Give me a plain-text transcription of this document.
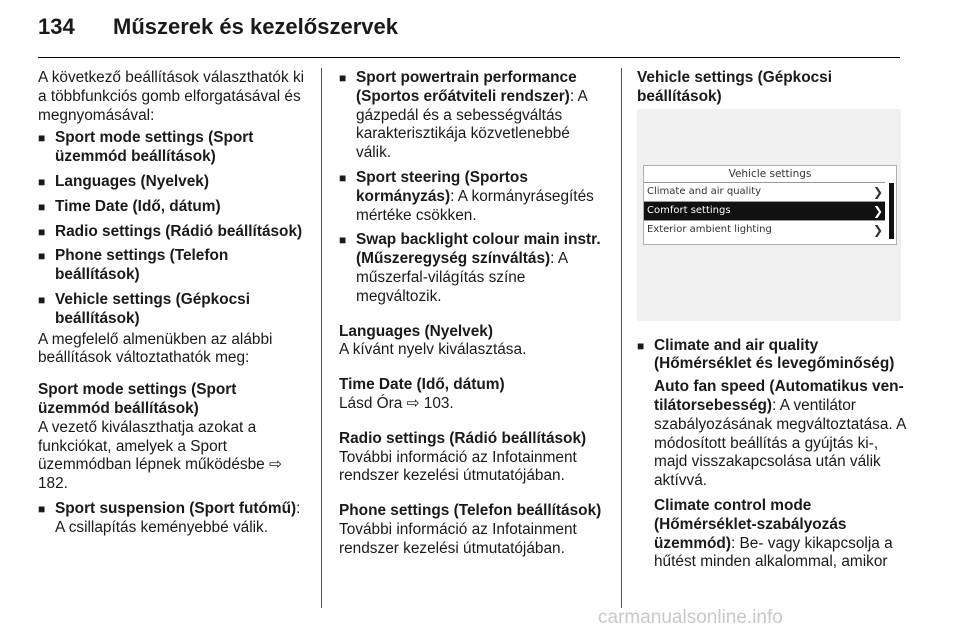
134 Műszerek és kezelőszervek

A következő beállítások választhatók ki a többfunkciós gomb elforgatásával és megnyomásával:

■ Sport mode settings (Sport üzemmód beállítások)
■ Languages (Nyelvek)
■ Time Date (Idő, dátum)
■ Radio settings (Rádió beállítások)
■ Phone settings (Telefon beállítások)
■ Vehicle settings (Gépkocsi beállítások)

A megfelelő almenükben az alábbi beállítások változtathatók meg:

Sport mode settings (Sport üzemmód beállítások)

A vezető kiválaszthatja azokat a funkciókat, amelyek a Sport üzemmódban lépnek működésbe ⇨ 182.

■ Sport suspension (Sport futómű): A csillapítás keményebbé válik.
■ Sport powertrain performance (Sportos erőátviteli rendszer): A gázpedál és a sebességváltás karakterisztikája közvetlenebbé válik.
■ Sport steering (Sportos kormányzás): A kormányrásegítés mértéke csökken.
■ Swap backlight colour main instr. (Műszeregység színváltás): A műszerfal-világítás színe megváltozik.
Languages (Nyelvek)

A kívánt nyelv kiválasztása.

Time Date (Idő, dátum)

Lásd Óra ⇨ 103.

Radio settings (Rádió beállítások)

További információ az Infotainment rendszer kezelési útmutatójában.

Phone settings (Telefon beállítások)

További információ az Infotainment rendszer kezelési útmutatójában.

Vehicle settings (Gépkocsi beállítások)
Vehicle settings
Climate and air quality	❯
Comfort settings	❯
Exterior ambient lighting	❯
■ Climate and air quality (Hőmérséklet és levegőminőség)
Auto fan speed (Automatikus ventilátorsebesség): A ventilátor szabályozásának megváltoztatása. A módosított beállítás a gyújtás ki-, majd visszakapcsolása után válik aktívvá.
Climate control mode (Hőmérséklet-szabályozás üzemmód): Be- vagy kikapcsolja a hűtést minden alkalommal, amikor
carmanualsonline.info
